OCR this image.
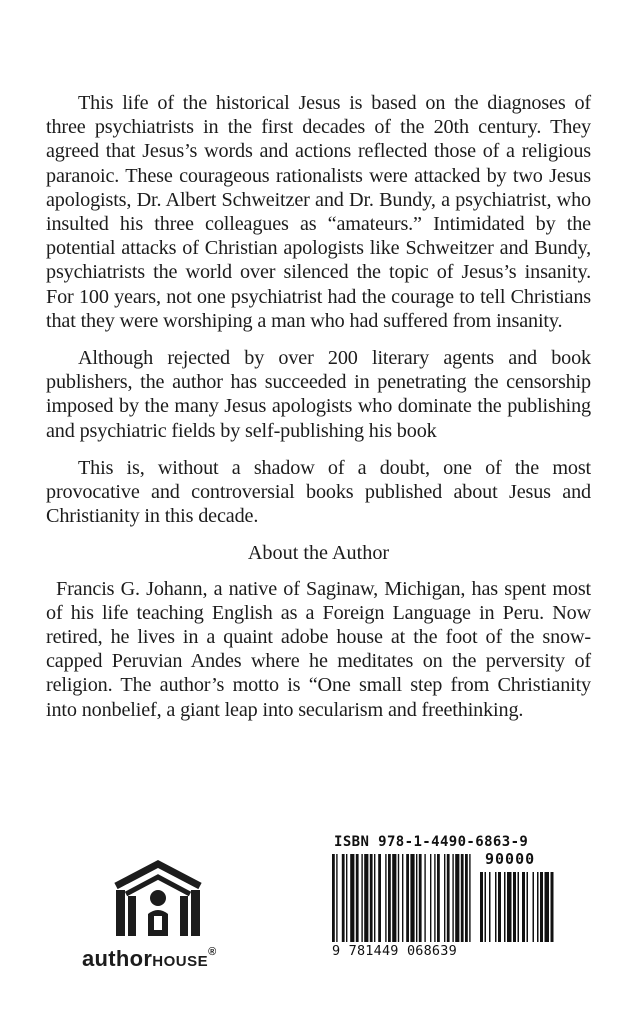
This life of the historical Jesus is based on the diagnoses of three psychiatrists in the first decades of the 20th century. They agreed that Jesus’s words and actions reflected those of a religious paranoic. These courageous rationalists were attacked by two Jesus apologists, Dr. Albert Schweitzer and Dr. Bundy, a psychiatrist, who insulted his three colleagues as “amateurs.” Intimidated by the potential attacks of Christian apologists like Schweitzer and Bundy, psychiatrists the world over silenced the topic of Jesus’s insanity. For 100 years, not one psychiatrist had the courage to tell Christians that they were worshiping a man who had suffered from insanity.

Although rejected by over 200 literary agents and book publishers, the author has succeeded in penetrating the censorship imposed by the many Jesus apologists who dominate the publishing and psychiatric fields by self-publishing his book

This is, without a shadow of a doubt, one of the most provocative and controversial books published about Jesus and Christianity in this decade.

About the Author

Francis G. Johann, a native of Saginaw, Michigan, has spent most of his life teaching English as a Foreign Language in Peru. Now retired, he lives in a quaint adobe house at the foot of the snow-capped Peruvian Andes where he meditates on the perversity of religion. The author’s motto is “One small step from Christianity into nonbelief, a giant leap into secularism and freethinking.

authorHOUSE®
ISBN 978-1-4490-6863-9
90000
9 781449 068639
